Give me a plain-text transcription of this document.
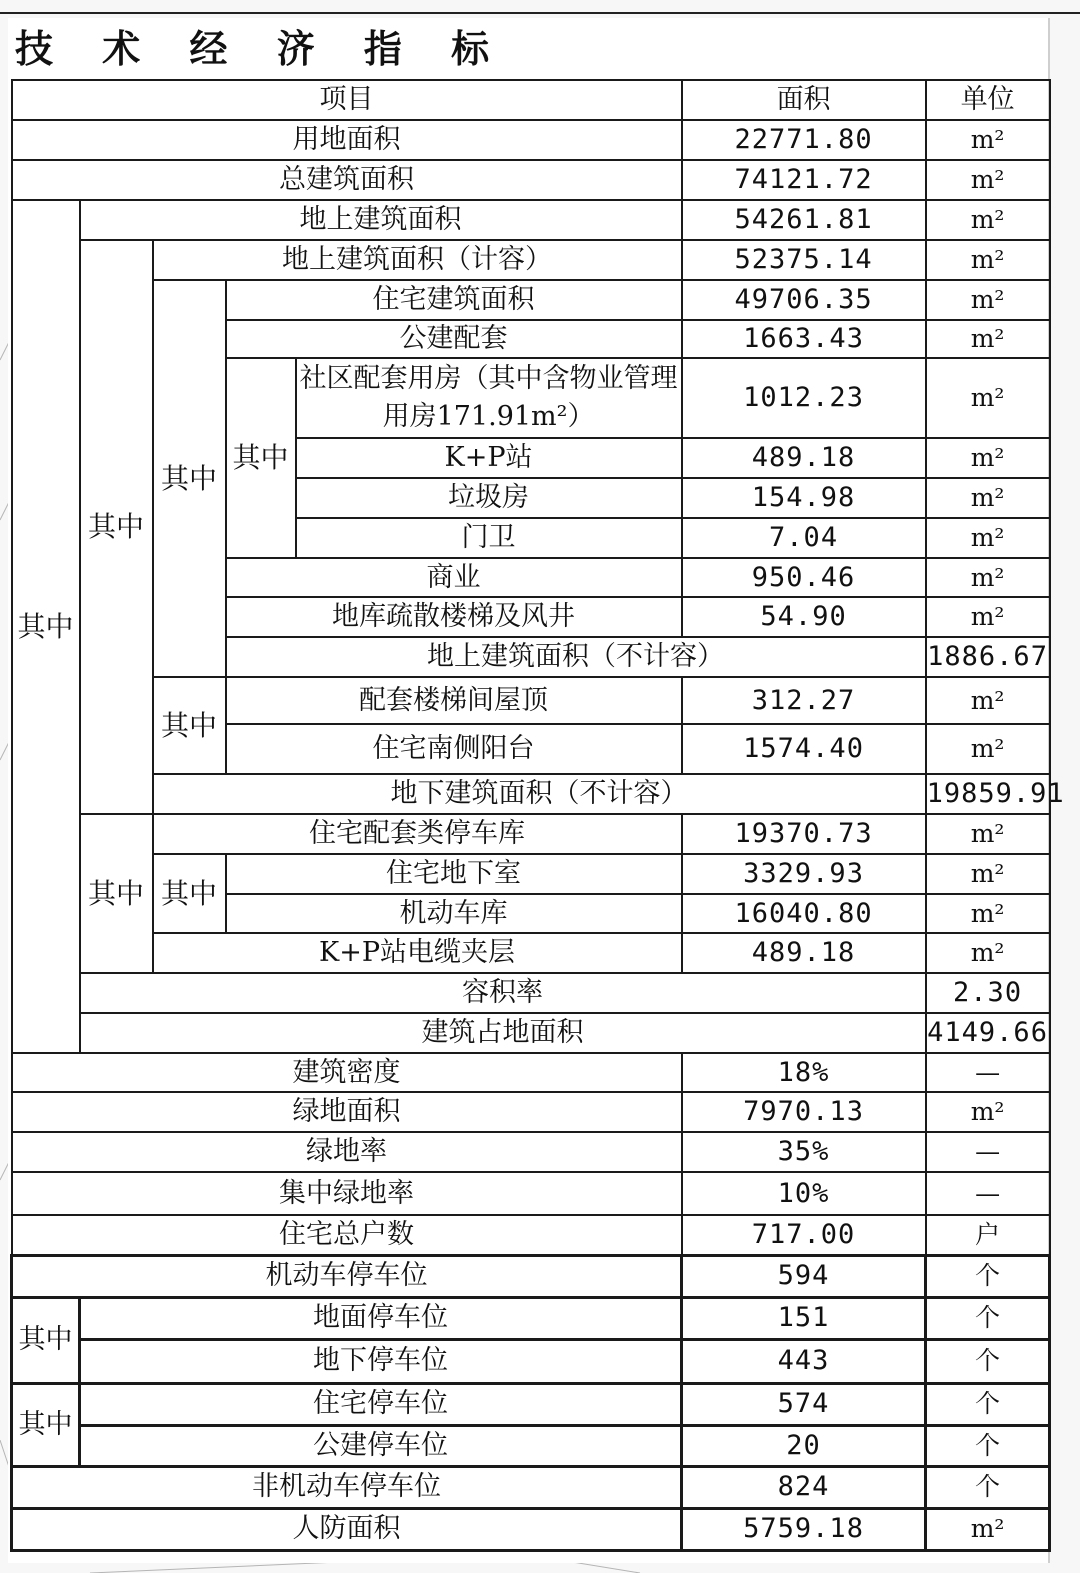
技 术 经 济 指 标
项目					面积	单位	
用地面积					22771.80	m²	
总建筑面积					74121.72	m²	
其中	地上建筑面积				54261.81	m²	
	其中	地上建筑面积（计容）			52375.14	m²	
		其中	住宅建筑面积		49706.35	m²	
			公建配套		1663.43	m²	
			其中	社区配套用房（其中含物业管理用房171.91m²）	1012.23	m²	
				K+P站	489.18	m²	
				垃圾房	154.98	m²	
				门卫	7.04	m²	
			商业		950.46	m²	
			地库疏散楼梯及风井		54.90	m²	
			地上建筑面积（不计容）			1886.67	
		其中	配套楼梯间屋顶		312.27	m²	
			住宅南侧阳台		1574.40	m²	
		地下建筑面积（不计容）				19859.91	
	其中	住宅配套类停车库			19370.73	m²	
		其中	住宅地下室		3329.93	m²	
			机动车库		16040.80	m²	
		K+P站电缆夹层			489.18	m²	
	容积率					2.30	
	建筑占地面积					4149.66	
建筑密度					18%	—	
绿地面积					7970.13	m²	
绿地率					35%	—	
集中绿地率					10%	—	
住宅总户数					717.00	户	
机动车停车位					594	个	
其中	地面停车位				151	个	
	地下停车位				443	个	
其中	住宅停车位				574	个	
	公建停车位				20	个	
非机动车停车位					824	个	
人防面积					5759.18	m²	
